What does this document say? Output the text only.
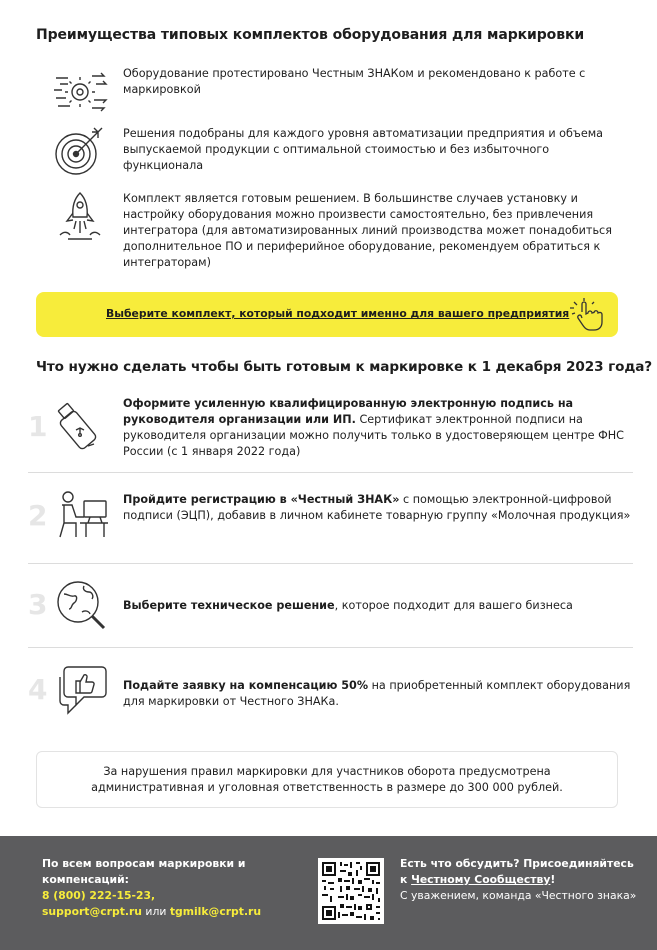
Преимущества типовых комплектов оборудования для маркировки
Оборудование протестировано Честным ЗНАКом и рекомендовано к работе с маркировкой
Решения подобраны для каждого уровня автоматизации предприятия и объема выпускаемой продукции с оптимальной стоимостью и без избыточного функционала
Комплект является готовым решением. В большинстве случаев установку и настройку оборудования можно произвести самостоятельно, без привлечения интегратора (для автоматизированных линий производства может понадобиться дополнительное ПО и периферийное оборудование, рекомендуем обратиться к интеграторам)
Выберите комплект, который подходит именно для вашего предприятия
Что нужно сделать чтобы быть готовым к маркировке к 1 декабря 2023 года?
1
Оформите усиленную квалифицированную электронную подпись на руководителя организации или ИП. Сертификат электронной подписи на руководителя организации можно получить только в удостоверяющем центре ФНС России (с 1 января 2022 года)
2	Пройдите регистрацию в «Честный ЗНАК» с помощью электронной-цифровой подписи (ЭЦП), добавив в личном кабинете товарную группу «Молочная продукция»
3	Выберите техническое решение, которое подходит для вашего бизнеса
4	Подайте заявку на компенсацию 50% на приобретенный комплект оборудования для маркировки от Честного ЗНАКа.
За нарушения правил маркировки для участников оборота предусмотрена административная и уголовная ответственность в размере до 300 000 рублей.
По всем вопросам маркировки и компенсаций:
8 (800) 222-15-23,
support@crpt.ru или tgmilk@crpt.ru
Есть что обсудить? Присоединяйтесь к Честному Сообществу!
С уважением, команда «Честного знака»
